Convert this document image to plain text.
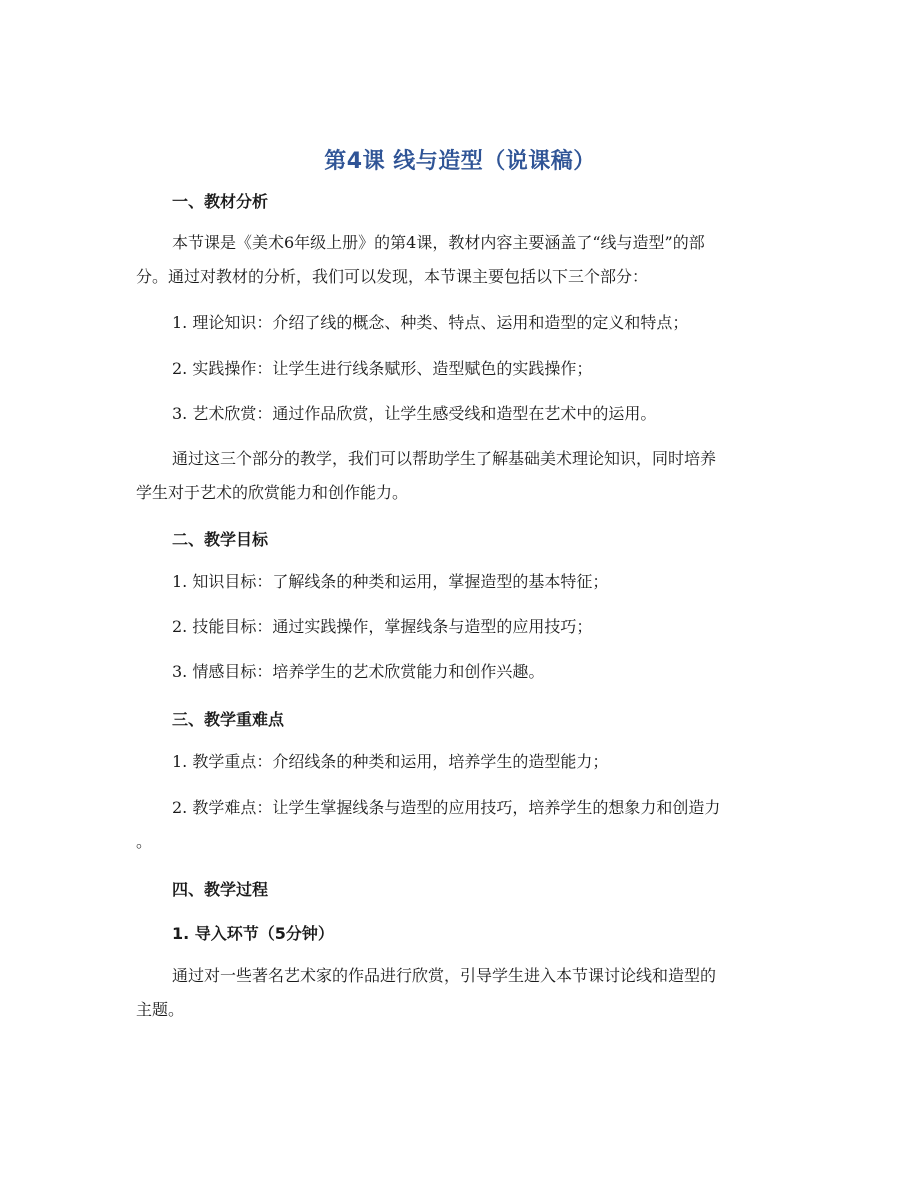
第4课 线与造型（说课稿）
一、教材分析
本节课是《美术6年级上册》的第4课，教材内容主要涵盖了“线与造型”的部
分。通过对教材的分析，我们可以发现，本节课主要包括以下三个部分：
1. 理论知识：介绍了线的概念、种类、特点、运用和造型的定义和特点；
2. 实践操作：让学生进行线条赋形、造型赋色的实践操作；
3. 艺术欣赏：通过作品欣赏，让学生感受线和造型在艺术中的运用。
通过这三个部分的教学，我们可以帮助学生了解基础美术理论知识，同时培养
学生对于艺术的欣赏能力和创作能力。
二、教学目标
1. 知识目标：了解线条的种类和运用，掌握造型的基本特征；
2. 技能目标：通过实践操作，掌握线条与造型的应用技巧；
3. 情感目标：培养学生的艺术欣赏能力和创作兴趣。
三、教学重难点
1. 教学重点：介绍线条的种类和运用，培养学生的造型能力；
2. 教学难点：让学生掌握线条与造型的应用技巧，培养学生的想象力和创造力
。
四、教学过程
1. 导入环节（5分钟）
通过对一些著名艺术家的作品进行欣赏，引导学生进入本节课讨论线和造型的
主题。
